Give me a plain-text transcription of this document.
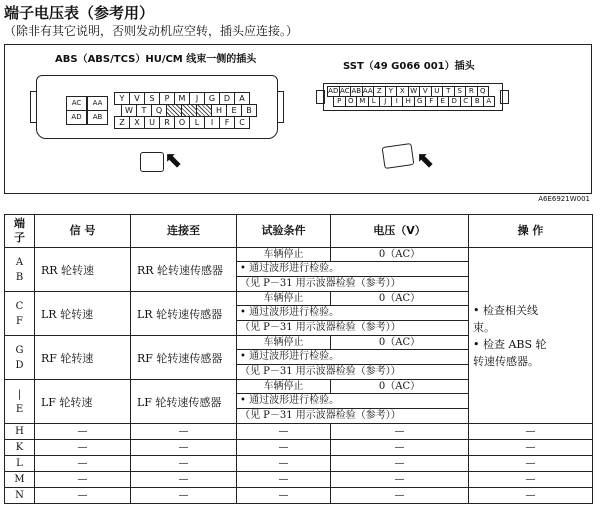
端子电压表（参考用）
（除非有其它说明，否则发动机应空转，插头应连接。）
ABS（ABS/TCS）HU/CM 线束一侧的插头
SST（49 G066 001）插头
A6E6921W001
AC	AA
AD	AB
Y	V	S	P	M	J	G	D	A
W	T	Q	H	E	B
Z	X	U	R	O	L	I	F	C
⬉
AD AC AB AA Z Y X W V U T	S R Q
P O M L	J	I	H G F	E D C B A
⬉
端
子	信 号	连接至	试验条件	电压（V）	操 作

A
B	RR 轮转速	RR 轮转速传感器	车辆停止	0（AC）	• 检查相关线
束。
• 检查 ABS 轮
转速传感器。

			• 通过波形进行检验。		
			（见 P－31 用示波器检验（参考））		

C
F	LR 轮转速	LR 轮转速传感器	车辆停止	0（AC）	
			• 通过波形进行检验。		
			（见 P－31 用示波器检验（参考））		

G
D	RF 轮转速	RF 轮转速传感器	车辆停止	0（AC）	
			• 通过波形进行检验。		
			（见 P－31 用示波器检验（参考））		

|
E	LF 轮转速	LF 轮转速传感器	车辆停止	0（AC）	
			• 通过波形进行检验。		
			（见 P－31 用示波器检验（参考））		
H	—	—	—	—	—
K	—	—	—	—	—
L	—	—	—	—	—
M	—	—	—	—	—
N	—	—	—	—	—
